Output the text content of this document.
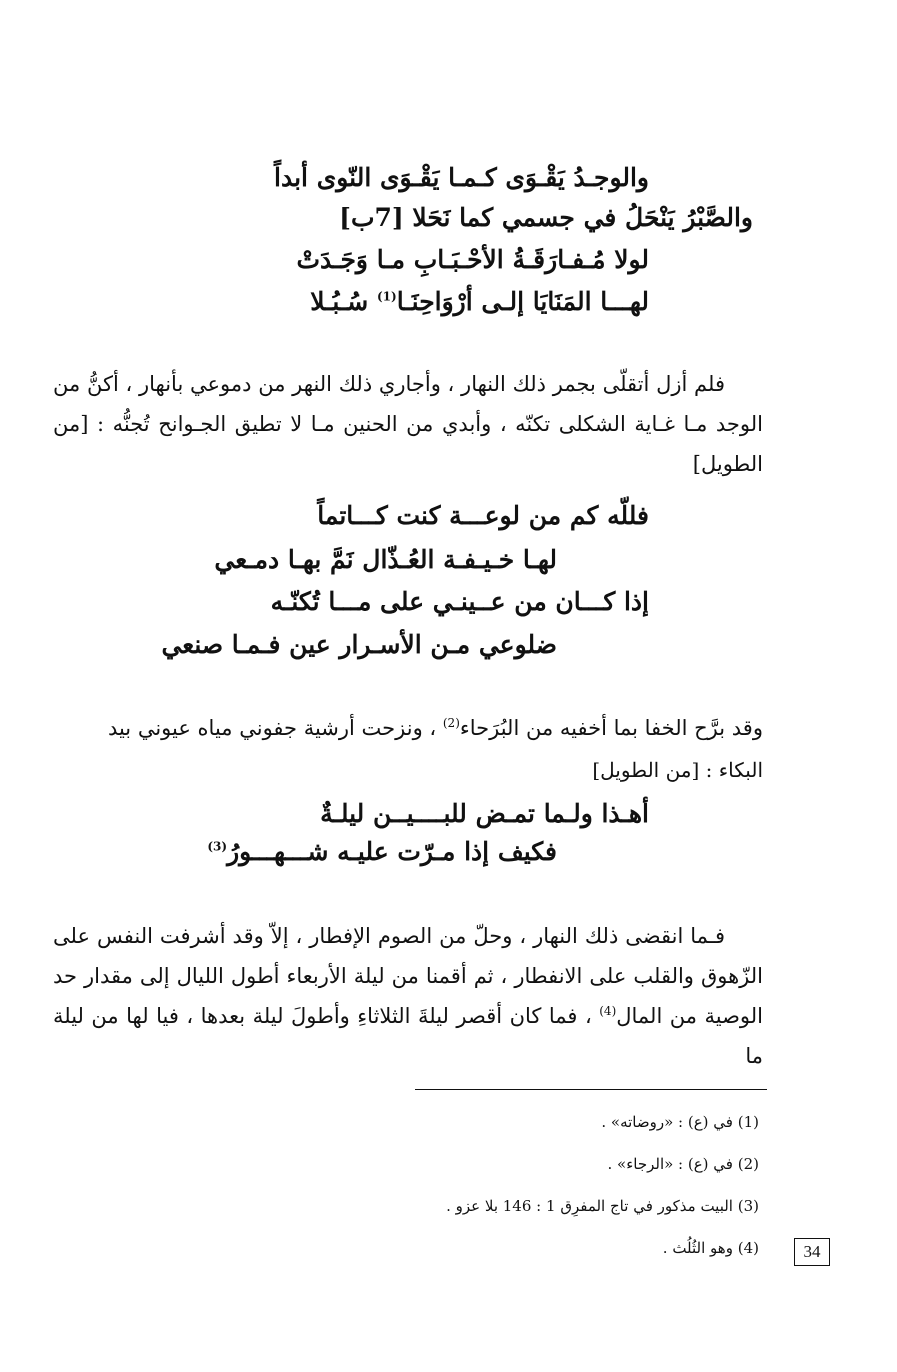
والوجـدُ يَقْـوَى كـمـا يَقْـوَى النّوى أبداً
والصَّبْرُ يَنْحَلُ في جسمي كما نَحَلا [7ب]
لولا مُـفـارَقَـةُ الأحْـبَـابِ مـا وَجَـدَتْ
لهـــا المَنَايَا إلـى أرْوَاحِنَـا$^{(1)}$ سُـبُـلا
فلم أزل أتقلّى بجمر ذلك النهار ، وأجاري ذلك النهر من دموعي بأنهار ، أكنُّ من الوجد مـا غـاية الشكلى تكنّه ، وأبدي من الحنين مـا لا تطيق الجـوانح تُجنُّه : [من الطويل]
فللّه كم من لوعـــة كنت كـــاتماً
لهـا خـيـفـة العُـذّال نَمَّ بهـا دمـعي
إذا كـــان من عــينـي على مـــا تُكنّـه
ضلوعي مـن الأسـرار عين فـمـا صنعي
وقد برَّح الخفا بما أخفيه من البُرَحاء$^{(2)}$ ، ونزحت أرشية جفوني مياه عيوني بيد
البكاء : [من الطويل]
أهـذا ولـما تمـض للبــــيــن ليلـةٌ
فكيف إذا مـرّت عليـه شـــهـــورُ$^{(3)}$
فـما انقضى ذلك النهار ، وحلّ من الصوم الإفطار ، إلاّ وقد أشرفت النفس على الزّهوق والقلب على الانفطار ، ثم أقمنا من ليلة الأربعاء أطول الليال إلى مقدار حد الوصية من المال$^{(4)}$ ، فما كان أقصر ليلةَ الثلاثاءِ وأطولَ ليلة بعدها ، فيا لها من ليلة ما
(1) في (ع) : «روضاته» .
(2) في (ع) : «الرجاء» .
(3) البيت مذكور في تاج المفرِق 1 : 146 بلا عزو .
(4) وهو الثُلُث .	34
